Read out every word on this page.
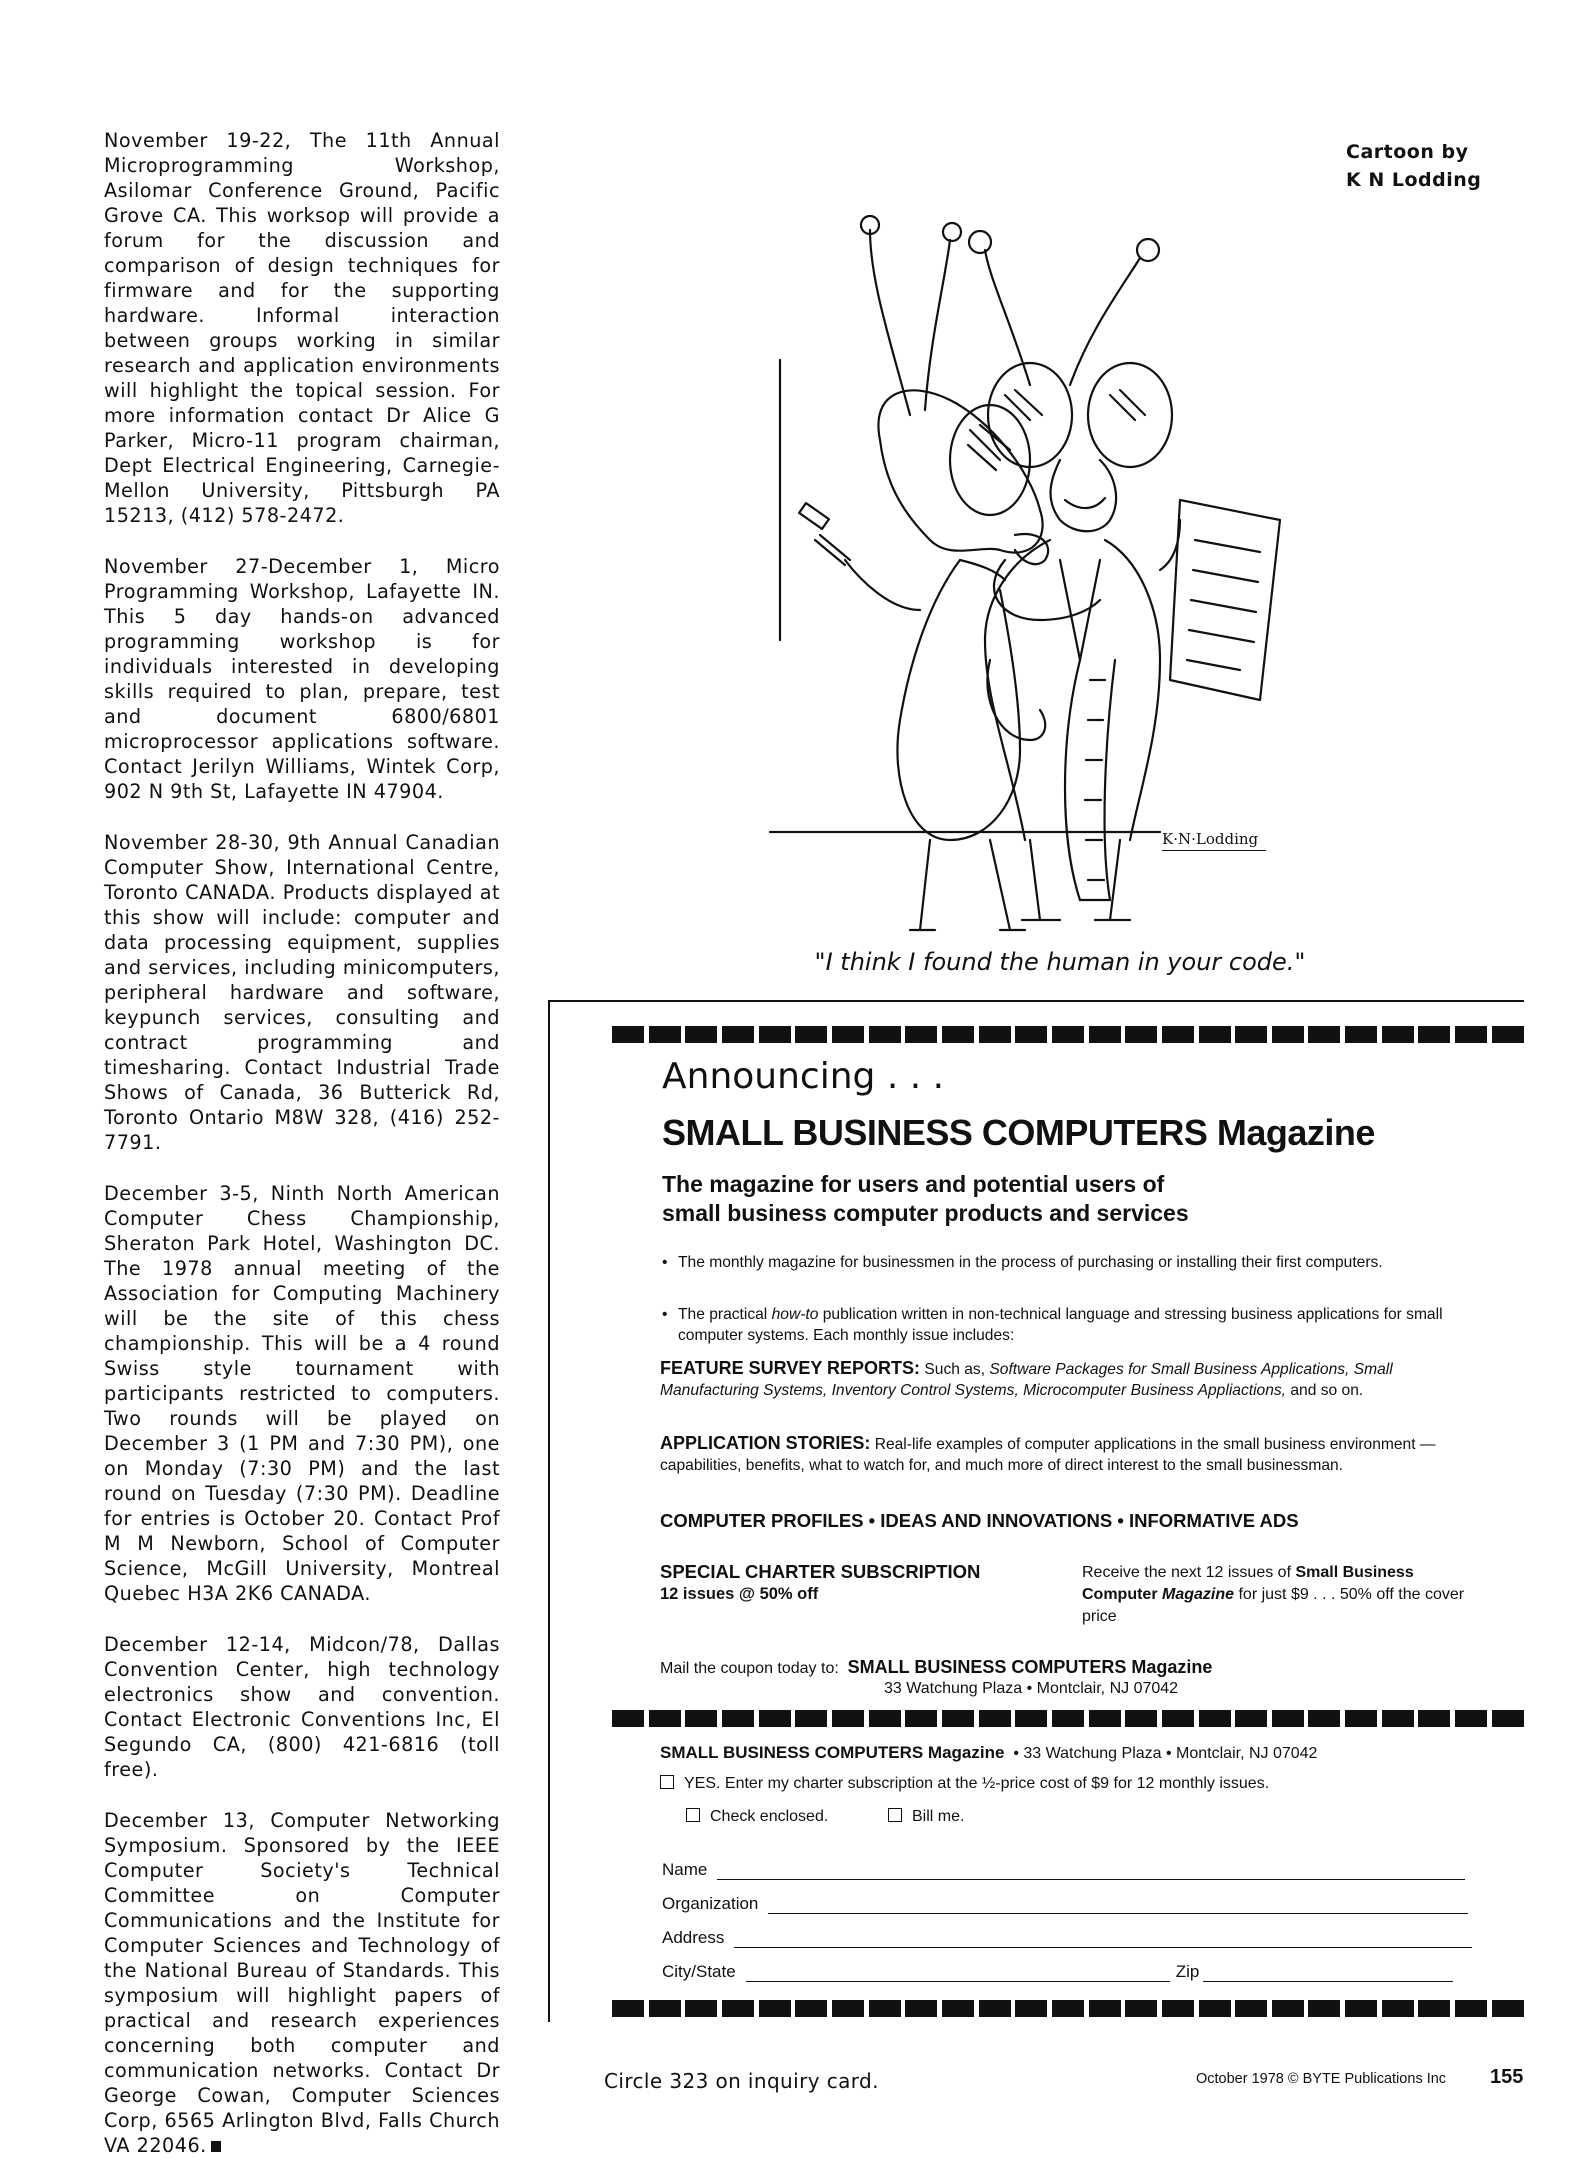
November 19-22, The 11th Annual Microprogramming Workshop, Asilomar Conference Ground, Pacific Grove CA. This worksop will provide a forum for the discussion and comparison of design techniques for firmware and for the supporting hardware. Informal interaction between groups working in similar research and application environments will highlight the topical session. For more information contact Dr Alice G Parker, Micro-11 program chairman, Dept Electrical Engineering, Carnegie-Mellon University, Pittsburgh PA 15213, (412) 578-2472.

November 27-December 1, Micro Programming Workshop, Lafayette IN. This 5 day hands-on advanced programming workshop is for individuals interested in developing skills required to plan, prepare, test and document 6800/6801 microprocessor applications software. Contact Jerilyn Williams, Wintek Corp, 902 N 9th St, Lafayette IN 47904.

November 28-30, 9th Annual Canadian Computer Show, International Centre, Toronto CANADA. Products displayed at this show will include: computer and data processing equipment, supplies and services, including minicomputers, peripheral hardware and software, keypunch services, consulting and contract programming and timesharing. Contact Industrial Trade Shows of Canada, 36 Butterick Rd, Toronto Ontario M8W 328, (416) 252-7791.

December 3-5, Ninth North American Computer Chess Championship, Sheraton Park Hotel, Washington DC. The 1978 annual meeting of the Association for Computing Machinery will be the site of this chess championship. This will be a 4 round Swiss style tournament with participants restricted to computers. Two rounds will be played on December 3 (1 PM and 7:30 PM), one on Monday (7:30 PM) and the last round on Tuesday (7:30 PM). Deadline for entries is October 20. Contact Prof M M Newborn, School of Computer Science, McGill University, Montreal Quebec H3A 2K6 CANADA.

December 12-14, Midcon/78, Dallas Convention Center, high technology electronics show and convention. Contact Electronic Conventions Inc, El Segundo CA, (800) 421-6816 (toll free).

December 13, Computer Networking Symposium. Sponsored by the IEEE Computer Society's Technical Committee on Computer Communications and the Institute for Computer Sciences and Technology of the National Bureau of Standards. This symposium will highlight papers of practical and research experiences concerning both computer and communication networks. Contact Dr George Cowan, Computer Sciences Corp, 6565 Arlington Blvd, Falls Church VA 22046.

Cartoon by
K N Lodding
K·N·Lodding
"I think I found the human in your code."
Announcing . . .
SMALL BUSINESS COMPUTERS Magazine
The magazine for users and potential users of
small business computer products and services
• The monthly magazine for businessmen in the process of purchasing or installing their first computers.
• The practical how-to publication written in non-technical language and stressing business applications for small computer systems. Each monthly issue includes:
FEATURE SURVEY REPORTS: Such as, Software Packages for Small Business Applications, Small Manufacturing Systems, Inventory Control Systems, Microcomputer Business Appliactions, and so on.
APPLICATION STORIES: Real-life examples of computer applications in the small business environment — capabilities, benefits, what to watch for, and much more of direct interest to the small businessman.
COMPUTER PROFILES • IDEAS AND INNOVATIONS • INFORMATIVE ADS
SPECIAL CHARTER SUBSCRIPTION
12 issues @ 50% off
Receive the next 12 issues of Small Business Computer Magazine for just $9 . . . 50% off the cover price
Mail the coupon today to: SMALL BUSINESS COMPUTERS Magazine
33 Watchung Plaza • Montclair, NJ 07042
SMALL BUSINESS COMPUTERS Magazine • 33 Watchung Plaza • Montclair, NJ 07042
YES. Enter my charter subscription at the ½-price cost of $9 for 12 monthly issues.
Check enclosed.	Bill me.
Name
Organization
Address
City/State	Zip
Circle 323 on inquiry card.	October 1978 © BYTE Publications Inc 155
